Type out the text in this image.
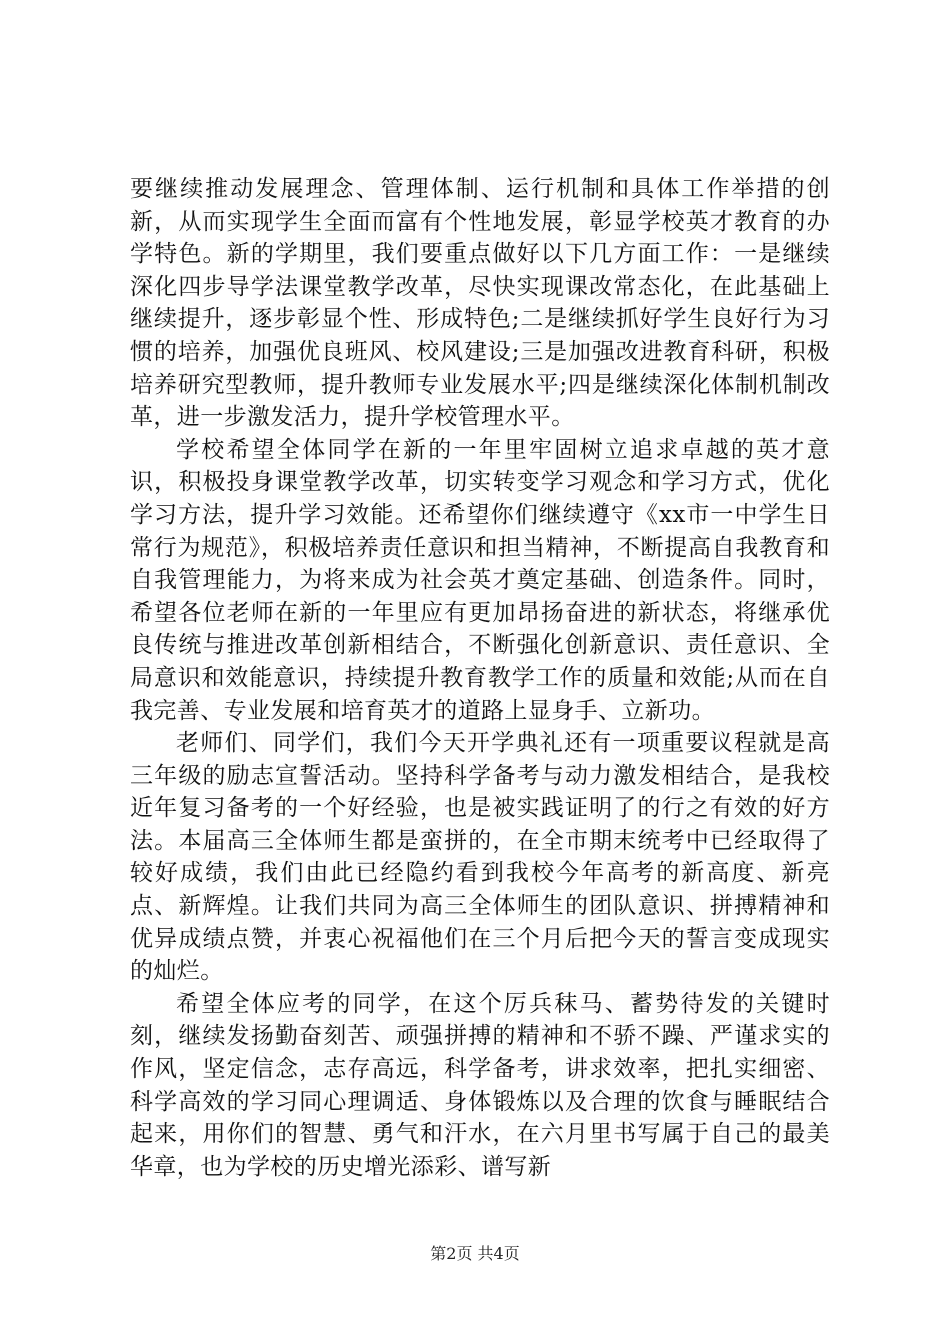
要继续推动发展理念、管理体制、运行机制和具体工作举措的创新，从而实现学生全面而富有个性地发展，彰显学校英才教育的办学特色。新的学期里，我们要重点做好以下几方面工作：一是继续深化四步导学法课堂教学改革，尽快实现课改常态化，在此基础上继续提升，逐步彰显个性、形成特色;二是继续抓好学生良好行为习惯的培养，加强优良班风、校风建设;三是加强改进教育科研，积极培养研究型教师，提升教师专业发展水平;四是继续深化体制机制改革，进一步激发活力，提升学校管理水平。

学校希望全体同学在新的一年里牢固树立追求卓越的英才意识，积极投身课堂教学改革，切实转变学习观念和学习方式，优化学习方法，提升学习效能。还希望你们继续遵守《xx市一中学生日常行为规范》，积极培养责任意识和担当精神，不断提高自我教育和自我管理能力，为将来成为社会英才奠定基础、创造条件。同时，希望各位老师在新的一年里应有更加昂扬奋进的新状态，将继承优良传统与推进改革创新相结合，不断强化创新意识、责任意识、全局意识和效能意识，持续提升教育教学工作的质量和效能;从而在自我完善、专业发展和培育英才的道路上显身手、立新功。

老师们、同学们，我们今天开学典礼还有一项重要议程就是高三年级的励志宣誓活动。坚持科学备考与动力激发相结合，是我校近年复习备考的一个好经验，也是被实践证明了的行之有效的好方法。本届高三全体师生都是蛮拼的，在全市期末统考中已经取得了较好成绩，我们由此已经隐约看到我校今年高考的新高度、新亮点、新辉煌。让我们共同为高三全体师生的团队意识、拼搏精神和优异成绩点赞，并衷心祝福他们在三个月后把今天的誓言变成现实的灿烂。

希望全体应考的同学，在这个厉兵秣马、蓄势待发的关键时刻，继续发扬勤奋刻苦、顽强拼搏的精神和不骄不躁、严谨求实的作风，坚定信念，志存高远，科学备考，讲求效率，把扎实细密、科学高效的学习同心理调适、身体锻炼以及合理的饮食与睡眠结合起来，用你们的智慧、勇气和汗水，在六月里书写属于自己的最美华章，也为学校的历史增光添彩、谱写新

第2页 共4页
